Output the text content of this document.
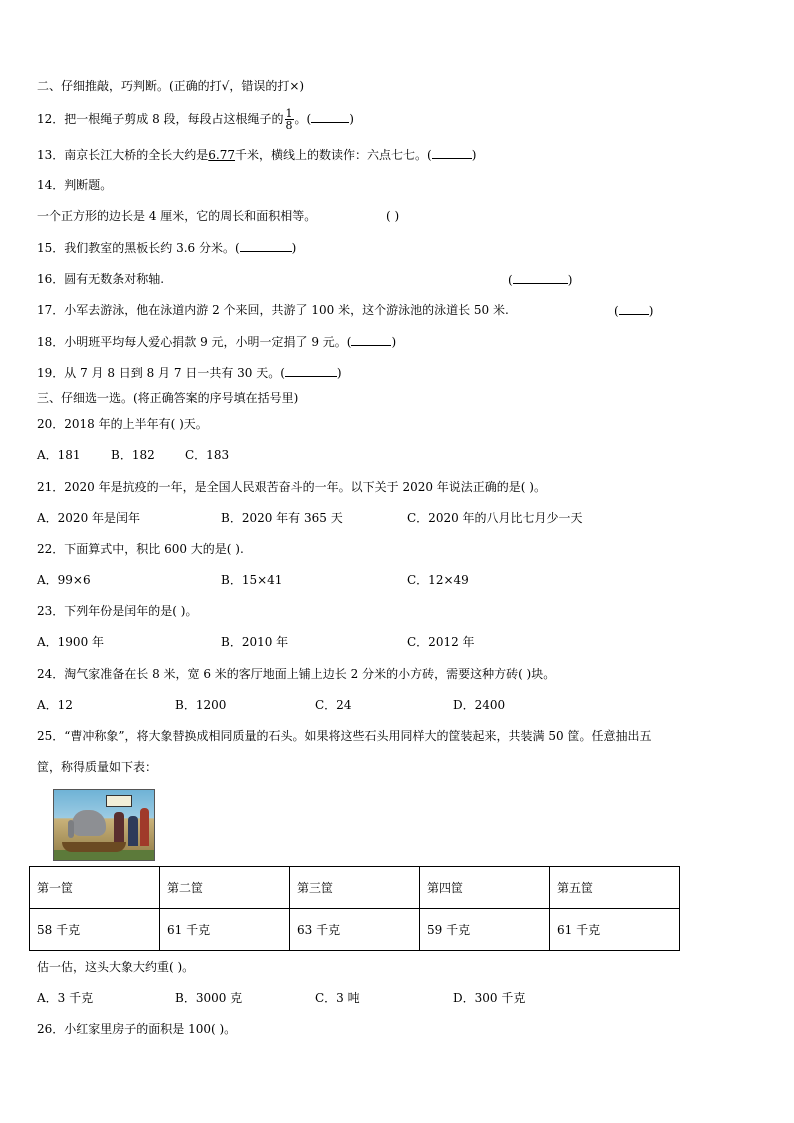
二、仔细推敲，巧判断。(正确的打√，错误的打×)
12．把一根绳子剪成 8 段，每段占这根绳子的 $\frac{1}{8}$ 。(	)
13．南京长江大桥的全长大约是6.77千米，横线上的数读作：六点七七。(	)
14．判断题。
一个正方形的边长是 4 厘米，它的周长和面积相等。	( )
15．我们教室的黑板长约 3.6 分米。(	)
16．圆有无数条对称轴.	(	)
17．小军去游泳，他在泳道内游 2 个来回，共游了 100 米，这个游泳池的泳道长 50 米.	(	)
18．小明班平均每人爱心捐款 9 元，小明一定捐了 9 元。(	)
19．从 7 月 8 日到 8 月 7 日一共有 30 天。(	)
三、仔细选一选。(将正确答案的序号填在括号里)
20．2018 年的上半年有( )天。
A．181	B．182	C．183
21．2020 年是抗疫的一年，是全国人民艰苦奋斗的一年。以下关于 2020 年说法正确的是( )。
A．2020 年是闰年	B．2020 年有 365 天	C．2020 年的八月比七月少一天
22．下面算式中，积比 600 大的是( ).
A．99×6	B．15×41	C．12×49
23．下列年份是闰年的是( )。
A．1900 年	B．2010 年	C．2012 年
24．淘气家准备在长 8 米，宽 6 米的客厅地面上铺上边长 2 分米的小方砖，需要这种方砖( )块。
A．12	B．1200	C．24	D．2400
25．“曹冲称象”，将大象替换成相同质量的石头。如果将这些石头用同样大的筐装起来，共装满 50 筐。任意抽出五
筐，称得质量如下表：
第一筐	第二筐	第三筐	第四筐	第五筐
58 千克	61 千克	63 千克	59 千克	61 千克
估一估，这头大象大约重( )。
A．3 千克	B．3000 克	C．3 吨	D．300 千克
26．小红家里房子的面积是 100( )。
